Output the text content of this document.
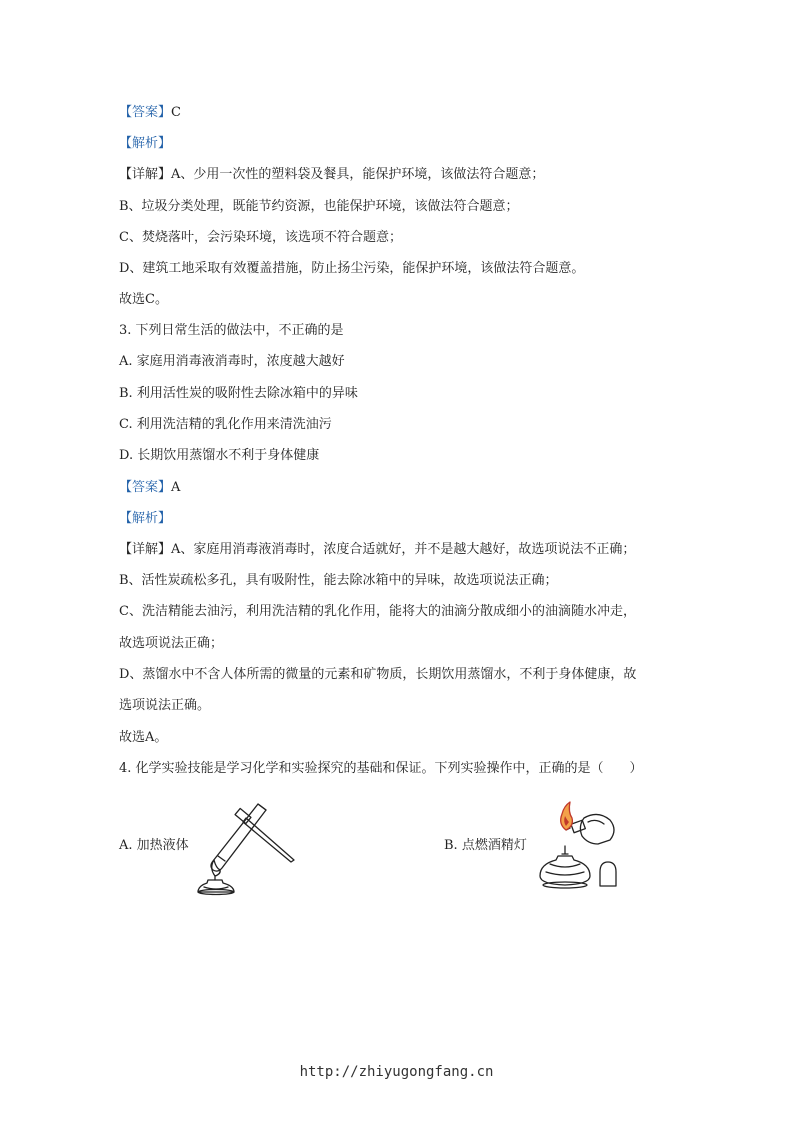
【答案】C
【解析】
【详解】A、少用一次性的塑料袋及餐具，能保护环境，该做法符合题意；
B、垃圾分类处理，既能节约资源，也能保护环境，该做法符合题意；
C、焚烧落叶，会污染环境，该选项不符合题意；
D、建筑工地采取有效覆盖措施，防止扬尘污染，能保护环境，该做法符合题意。
故选C。
3. 下列日常生活的做法中，不正确的是
A. 家庭用消毒液消毒时，浓度越大越好
B. 利用活性炭的吸附性去除冰箱中的异味
C. 利用洗洁精的乳化作用来清洗油污
D. 长期饮用蒸馏水不利于身体健康
【答案】A
【解析】
【详解】A、家庭用消毒液消毒时，浓度合适就好，并不是越大越好，故选项说法不正确；
B、活性炭疏松多孔，具有吸附性，能去除冰箱中的异味，故选项说法正确；
C、洗洁精能去油污，利用洗洁精的乳化作用，能将大的油滴分散成细小的油滴随水冲走，
故选项说法正确；
D、蒸馏水中不含人体所需的微量的元素和矿物质，长期饮用蒸馏水，不利于身体健康，故
选项说法正确。
故选A。
4. 化学实验技能是学习化学和实验探究的基础和保证。下列实验操作中，正确的是（　　）
A. 加热液体	B. 点燃酒精灯
http://zhiyugongfang.cn
